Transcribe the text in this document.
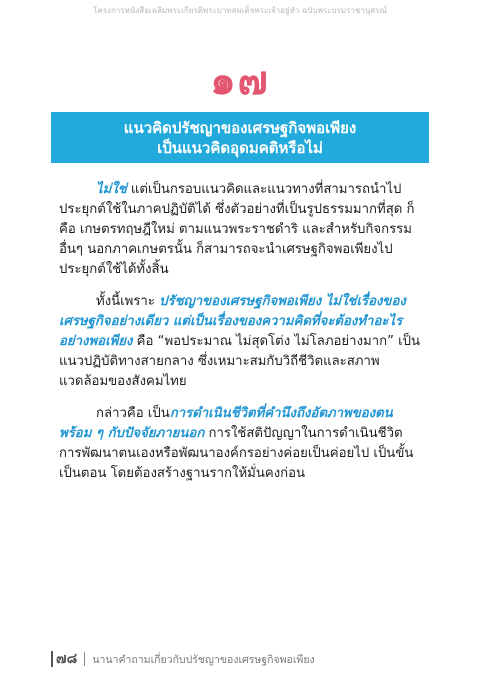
โครงการหนังสือเฉลิมพระเกียรติพระบาทสมเด็จพระเจ้าอยู่หัว ฉบับพระบรมราชานุสรณ์
๑๗
แนวคิดปรัชญาของเศรษฐกิจพอเพียง
เป็นแนวคิดอุดมคติหรือไม่

ไม่ใช่ แต่เป็นกรอบแนวคิดและแนวทางที่สามารถนำไปประยุกต์ใช้ในภาคปฏิบัติได้ ซึ่งตัวอย่างที่เป็นรูปธรรมมากที่สุด ก็คือ เกษตรทฤษฎีใหม่ ตามแนวพระราชดำริ และสำหรับกิจกรรมอื่นๆ นอกภาคเกษตรนั้น ก็สามารถจะนำเศรษฐกิจพอเพียงไปประยุกต์ใช้ได้ทั้งสิ้น

ทั้งนี้เพราะ ปรัชญาของเศรษฐกิจพอเพียง ไม่ใช่เรื่องของเศรษฐกิจอย่างเดียว แต่เป็นเรื่องของความคิดที่จะต้องทำอะไรอย่างพอเพียง คือ “พอประมาณ ไม่สุดโต่ง ไม่โลภอย่างมาก” เป็นแนวปฏิบัติทางสายกลาง ซึ่งเหมาะสมกับวิถีชีวิตและสภาพแวดล้อมของสังคมไทย

กล่าวคือ เป็นการดำเนินชีวิตที่คำนึงถึงอัตภาพของตนพร้อม ๆ กับปัจจัยภายนอก การใช้สติปัญญาในการดำเนินชีวิต การพัฒนาตนเองหรือพัฒนาองค์กรอย่างค่อยเป็นค่อยไป เป็นขั้นเป็นตอน โดยต้องสร้างฐานรากให้มั่นคงก่อน

๗๘ นานาคำถามเกี่ยวกับปรัชญาของเศรษฐกิจพอเพียง
